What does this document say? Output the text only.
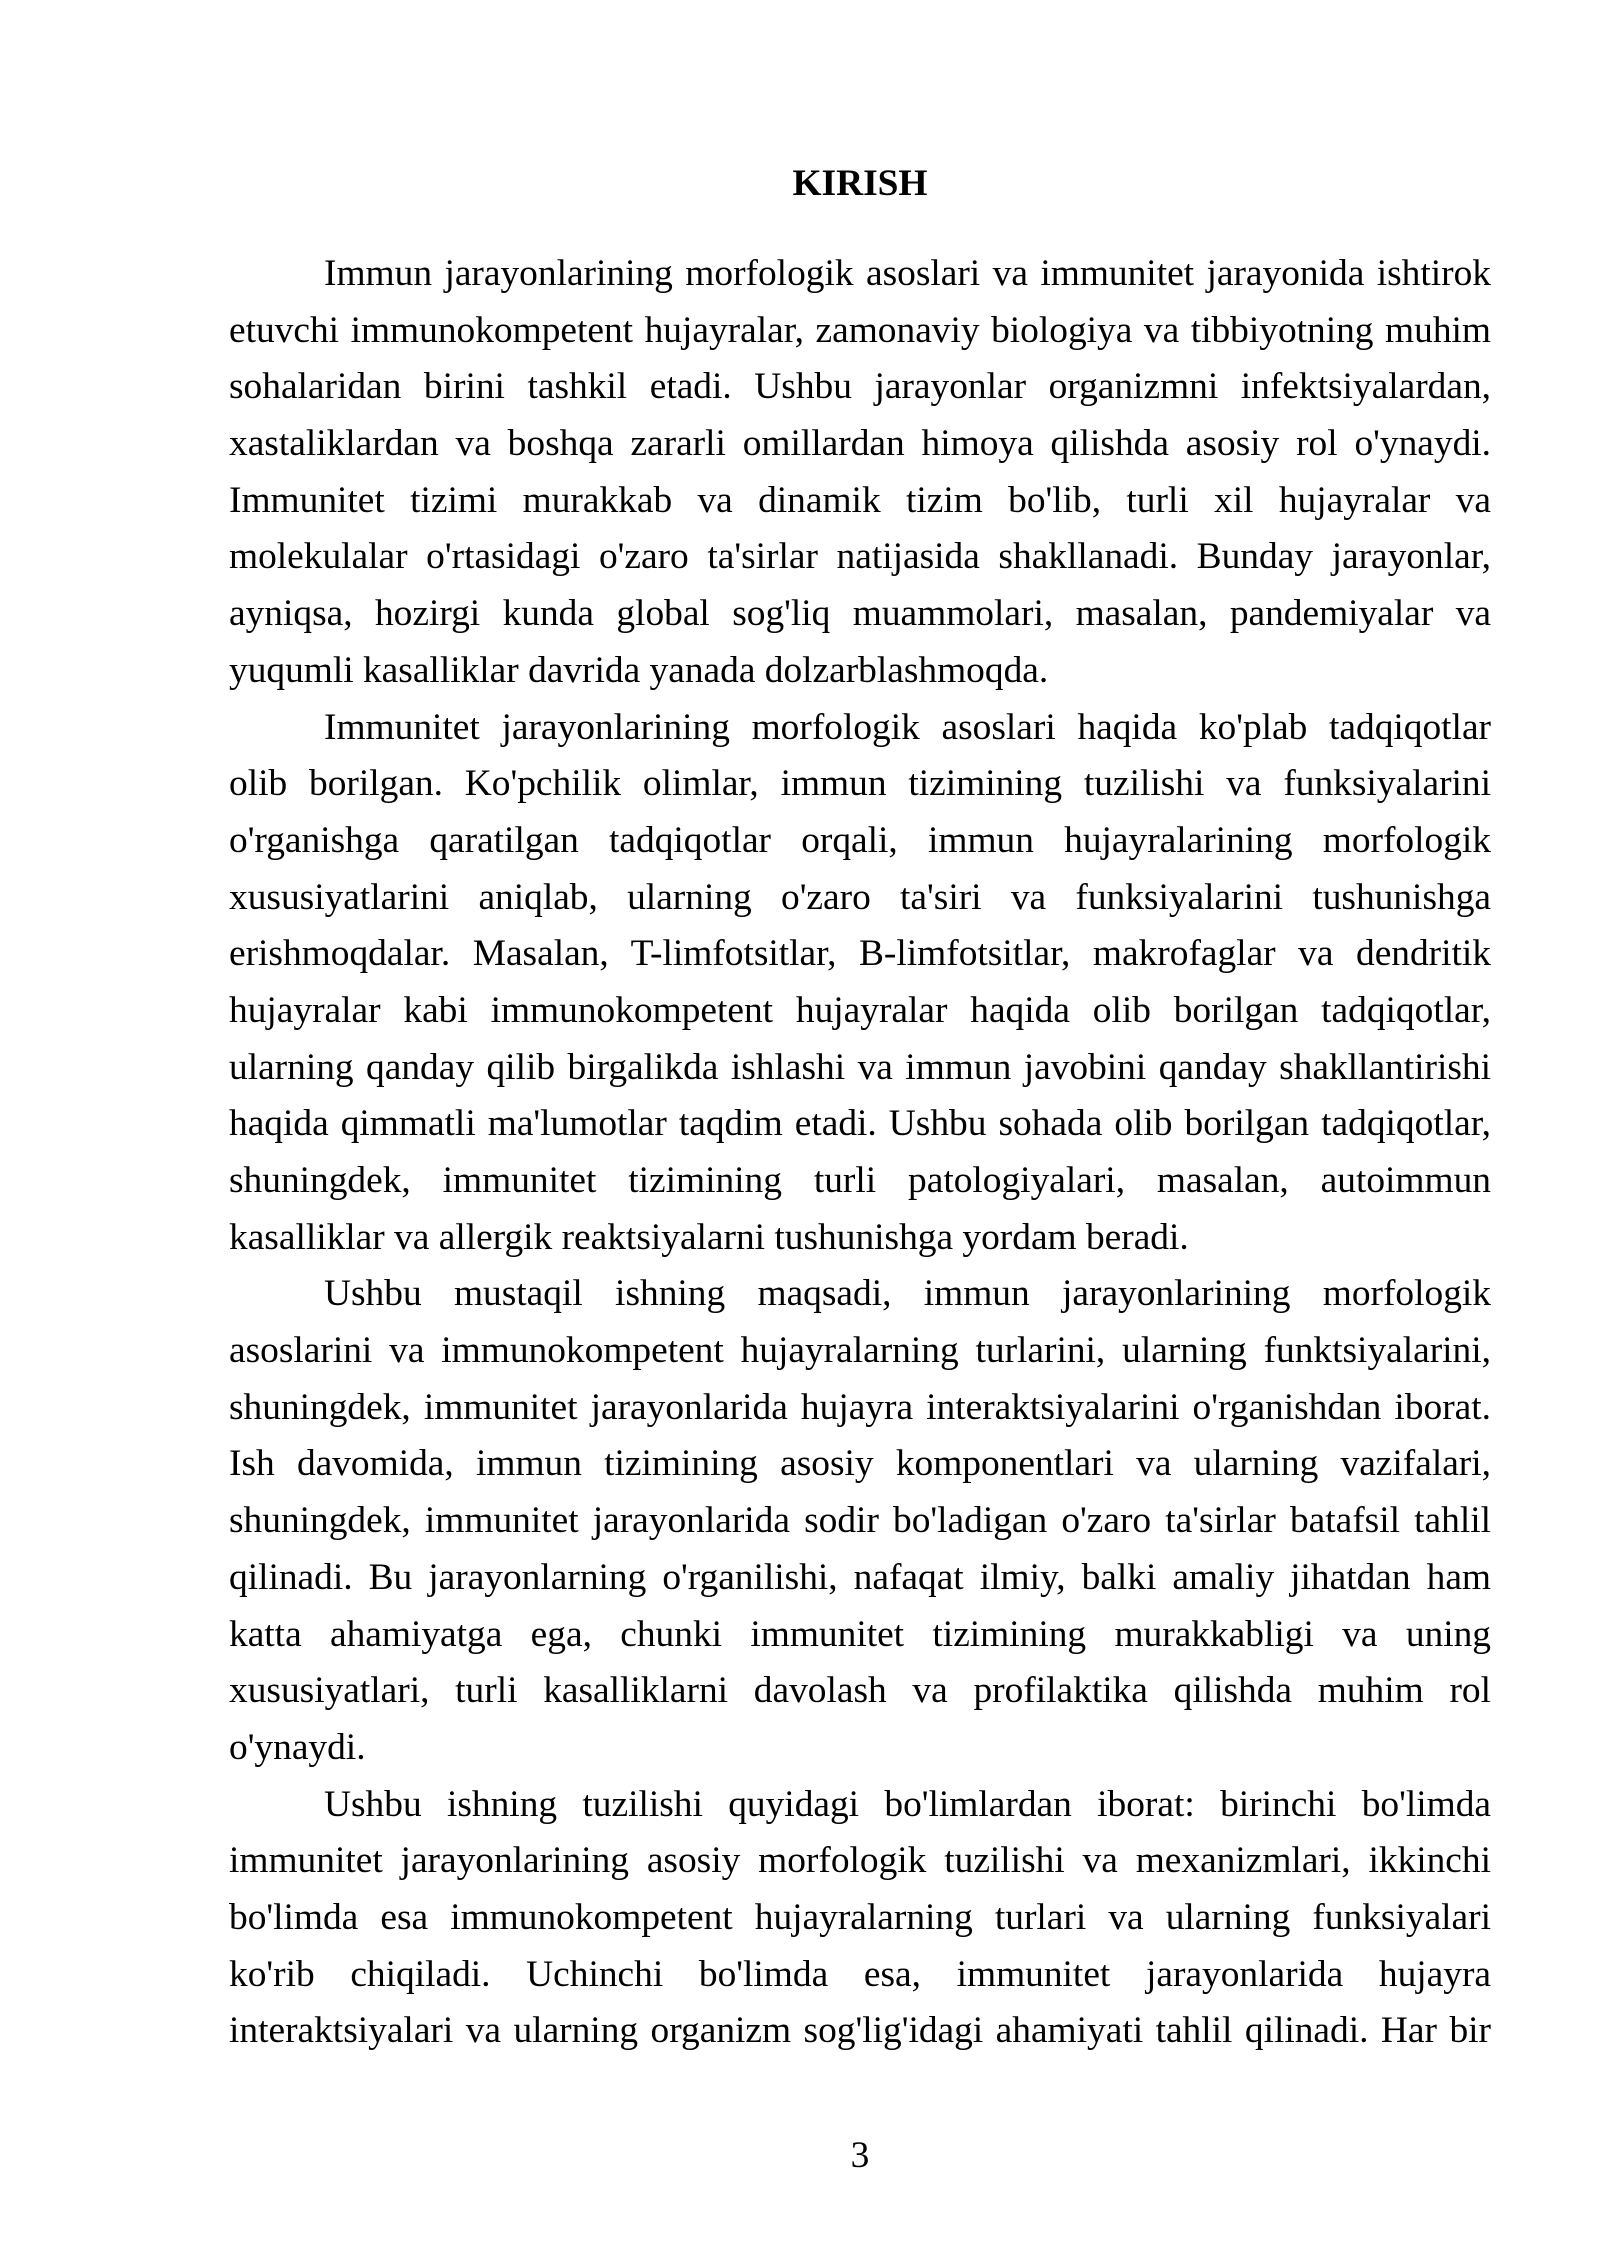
KIRISH
Immun jarayonlarining morfologik asoslari va immunitet jarayonida ishtirok
etuvchi immunokompetent hujayralar, zamonaviy biologiya va tibbiyotning muhim
sohalaridan birini tashkil etadi. Ushbu jarayonlar organizmni infektsiyalardan,
xastaliklardan va boshqa zararli omillardan himoya qilishda asosiy rol o'ynaydi.
Immunitet tizimi murakkab va dinamik tizim bo'lib, turli xil hujayralar va
molekulalar o'rtasidagi o'zaro ta'sirlar natijasida shakllanadi. Bunday jarayonlar,
ayniqsa, hozirgi kunda global sog'liq muammolari, masalan, pandemiyalar va
yuqumli kasalliklar davrida yanada dolzarblashmoqda.
Immunitet jarayonlarining morfologik asoslari haqida ko'plab tadqiqotlar
olib borilgan. Ko'pchilik olimlar, immun tizimining tuzilishi va funksiyalarini
o'rganishga qaratilgan tadqiqotlar orqali, immun hujayralarining morfologik
xususiyatlarini aniqlab, ularning o'zaro ta'siri va funksiyalarini tushunishga
erishmoqdalar. Masalan, T-limfotsitlar, B-limfotsitlar, makrofaglar va dendritik
hujayralar kabi immunokompetent hujayralar haqida olib borilgan tadqiqotlar,
ularning qanday qilib birgalikda ishlashi va immun javobini qanday shakllantirishi
haqida qimmatli ma'lumotlar taqdim etadi. Ushbu sohada olib borilgan tadqiqotlar,
shuningdek, immunitet tizimining turli patologiyalari, masalan, autoimmun
kasalliklar va allergik reaktsiyalarni tushunishga yordam beradi.
Ushbu mustaqil ishning maqsadi, immun jarayonlarining morfologik
asoslarini va immunokompetent hujayralarning turlarini, ularning funktsiyalarini,
shuningdek, immunitet jarayonlarida hujayra interaktsiyalarini o'rganishdan iborat.
Ish davomida, immun tizimining asosiy komponentlari va ularning vazifalari,
shuningdek, immunitet jarayonlarida sodir bo'ladigan o'zaro ta'sirlar batafsil tahlil
qilinadi. Bu jarayonlarning o'rganilishi, nafaqat ilmiy, balki amaliy jihatdan ham
katta ahamiyatga ega, chunki immunitet tizimining murakkabligi va uning
xususiyatlari, turli kasalliklarni davolash va profilaktika qilishda muhim rol
o'ynaydi.
Ushbu ishning tuzilishi quyidagi bo'limlardan iborat: birinchi bo'limda
immunitet jarayonlarining asosiy morfologik tuzilishi va mexanizmlari, ikkinchi
bo'limda esa immunokompetent hujayralarning turlari va ularning funksiyalari
ko'rib chiqiladi. Uchinchi bo'limda esa, immunitet jarayonlarida hujayra
interaktsiyalari va ularning organizm sog'lig'idagi ahamiyati tahlil qilinadi. Har bir
3
